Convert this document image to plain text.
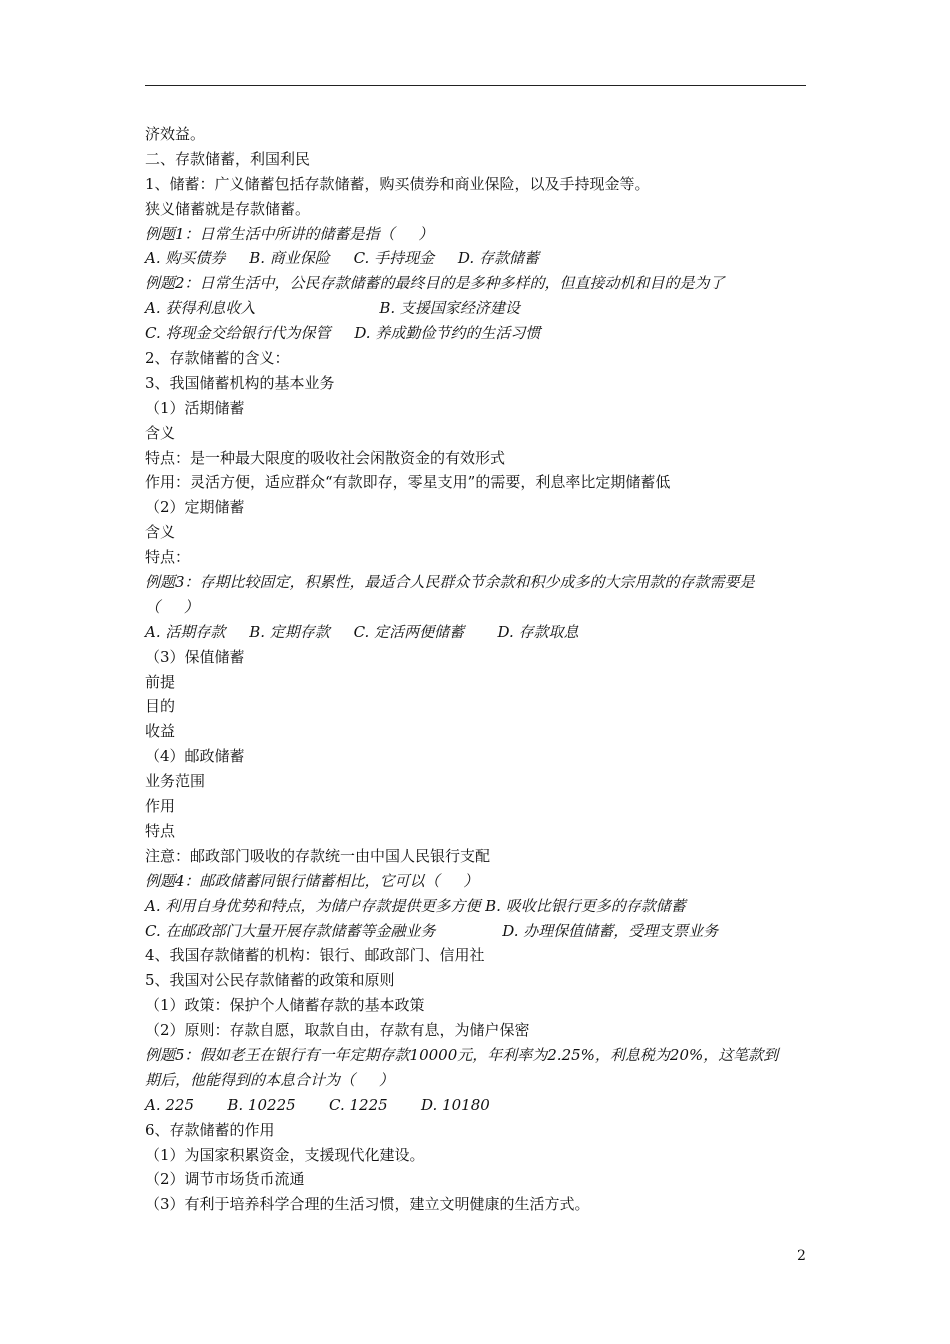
济效益。
二、存款储蓄，利国利民
1、储蓄：广义储蓄包括存款储蓄，购买债券和商业保险，以及手持现金等。
狭义储蓄就是存款储蓄。
例题1：日常生活中所讲的储蓄是指（     ）
A. 购买债券     B. 商业保险     C. 手持现金     D. 存款储蓄
例题2：日常生活中，公民存款储蓄的最终目的是多种多样的，但直接动机和目的是为了
A. 获得利息收入                          B. 支援国家经济建设
C. 将现金交给银行代为保管     D. 养成勤俭节约的生活习惯
2、存款储蓄的含义：
3、我国储蓄机构的基本业务
（1）活期储蓄
含义
特点：是一种最大限度的吸收社会闲散资金的有效形式
作用：灵活方便，适应群众“有款即存，零星支用”的需要，利息率比定期储蓄低
（2）定期储蓄
含义
特点：
例题3：存期比较固定，积累性，最适合人民群众节余款和积少成多的大宗用款的存款需要是
（     ）
A. 活期存款     B. 定期存款     C. 定活两便储蓄       D. 存款取息
（3）保值储蓄
前提
目的
收益
（4）邮政储蓄
业务范围
作用
特点
注意：邮政部门吸收的存款统一由中国人民银行支配
例题4：邮政储蓄同银行储蓄相比，它可以（     ）
A. 利用自身优势和特点，为储户存款提供更多方便 B. 吸收比银行更多的存款储蓄
C. 在邮政部门大量开展存款储蓄等金融业务              D. 办理保值储蓄，受理支票业务
4、我国存款储蓄的机构：银行、邮政部门、信用社
5、我国对公民存款储蓄的政策和原则
（1）政策：保护个人储蓄存款的基本政策
（2）原则：存款自愿，取款自由，存款有息，为储户保密
例题5：假如老王在银行有一年定期存款10000元，年利率为2.25%，利息税为20%，这笔款到
期后，他能得到的本息合计为（     ）
A. 225       B. 10225       C. 1225       D. 10180
6、存款储蓄的作用
（1）为国家积累资金，支援现代化建设。
（2）调节市场货币流通
（3）有利于培养科学合理的生活习惯，建立文明健康的生活方式。
2
